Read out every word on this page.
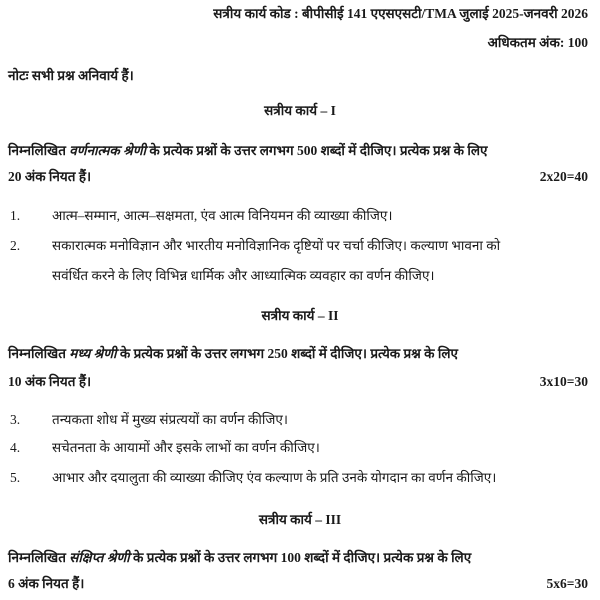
सत्रीय कार्य कोड : बीपीसीई 141 एएसएसटी/TMA जुलाई 2025-जनवरी 2026
अधिकतम अंक: 100
नोटः सभी प्रश्न अनिवार्य हैं।
सत्रीय कार्य – I
निम्नलिखित वर्णनात्मक श्रेणी के प्रत्येक प्रश्नों के उत्तर लगभग 500 शब्दों में दीजिए। प्रत्येक प्रश्न के लिए
20 अंक नियत हैं।	2x20=40
1. आत्म–सम्मान, आत्म–सक्षमता, एंव आत्म विनियमन की व्याख्या कीजिए।
2. सकारात्मक मनोविज्ञान और भारतीय मनोविज्ञानिक दृष्टियों पर चर्चा कीजिए। कल्याण भावना को
सवंर्धित करने के लिए विभिन्न धार्मिक और आध्यात्मिक व्यवहार का वर्णन कीजिए।
सत्रीय कार्य – II
निम्नलिखित मध्य श्रेणी के प्रत्येक प्रश्नों के उत्तर लगभग 250 शब्दों में दीजिए। प्रत्येक प्रश्न के लिए
10 अंक नियत हैं।	3x10=30
3. तन्यकता शोध में मुख्य संप्रत्ययों का वर्णन कीजिए।
4. सचेतनता के आयामों और इसके लाभों का वर्णन कीजिए।
5. आभार और दयालुता की व्याख्या कीजिए एंव कल्याण के प्रति उनके योगदान का वर्णन कीजिए।
सत्रीय कार्य – III
निम्नलिखित संक्षिप्त श्रेणी के प्रत्येक प्रश्नों के उत्तर लगभग 100 शब्दों में दीजिए। प्रत्येक प्रश्न के लिए
6 अंक नियत हैं।	5x6=30
